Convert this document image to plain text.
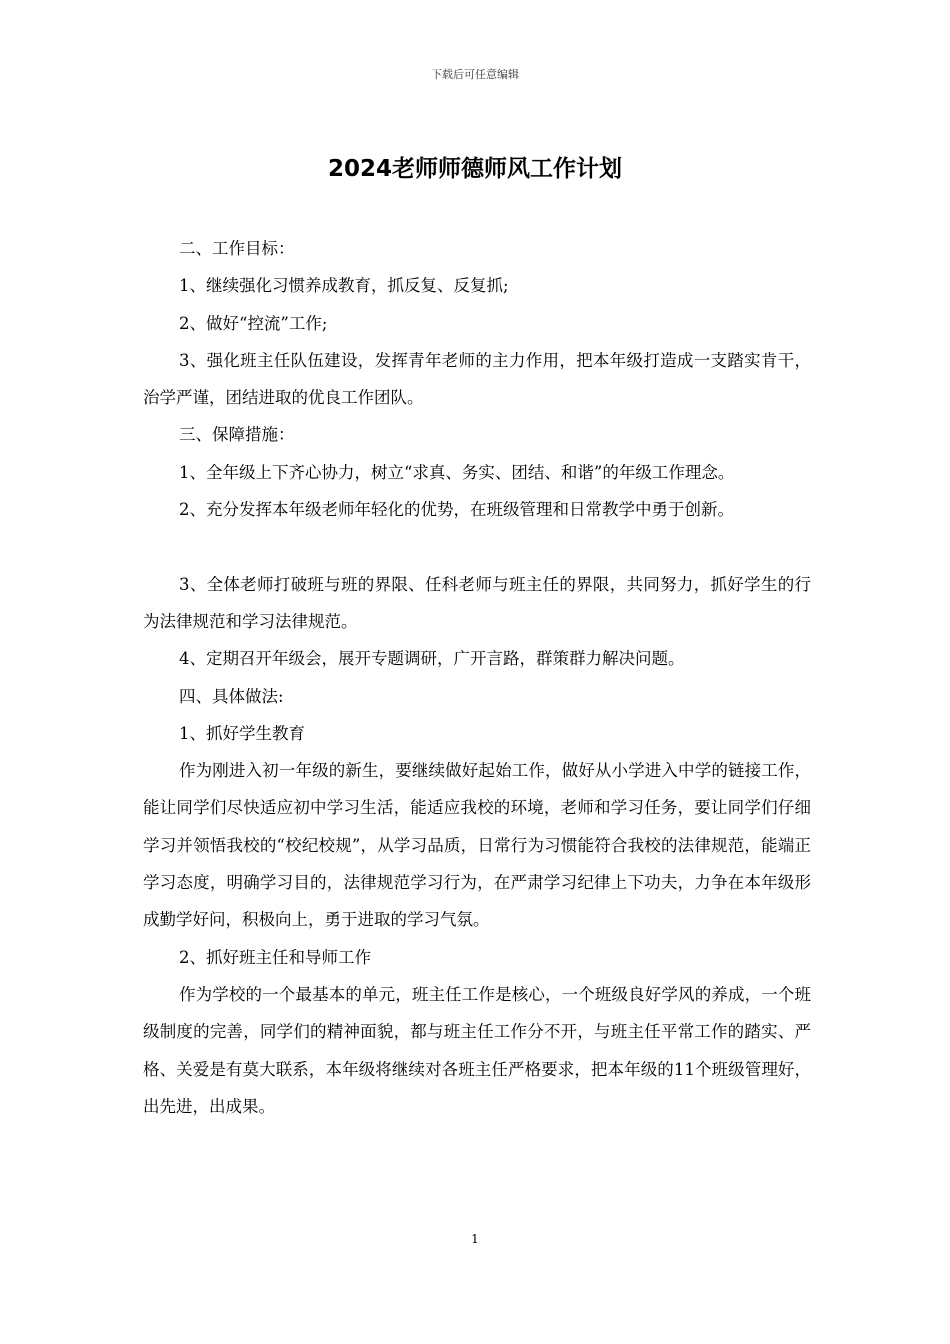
下载后可任意编辑
2024老师师德师风工作计划

二、工作目标：

1、继续强化习惯养成教育，抓反复、反复抓;

2、做好“控流”工作;

3、强化班主任队伍建设，发挥青年老师的主力作用，把本年级打造成一支踏实肯干，治学严谨，团结进取的优良工作团队。

三、保障措施：

1、全年级上下齐心协力，树立“求真、务实、团结、和谐”的年级工作理念。

2、充分发挥本年级老师年轻化的优势，在班级管理和日常教学中勇于创新。

3、全体老师打破班与班的界限、任科老师与班主任的界限，共同努力，抓好学生的行为法律规范和学习法律规范。

4、定期召开年级会，展开专题调研，广开言路，群策群力解决问题。

四、具体做法:

1、抓好学生教育

作为刚进入初一年级的新生，要继续做好起始工作，做好从小学进入中学的链接工作，能让同学们尽快适应初中学习生活，能适应我校的环境，老师和学习任务，要让同学们仔细学习并领悟我校的“校纪校规”，从学习品质，日常行为习惯能符合我校的法律规范，能端正学习态度，明确学习目的，法律规范学习行为，在严肃学习纪律上下功夫，力争在本年级形成勤学好问，积极向上，勇于进取的学习气氛。

2、抓好班主任和导师工作

作为学校的一个最基本的单元，班主任工作是核心，一个班级良好学风的养成，一个班级制度的完善，同学们的精神面貌，都与班主任工作分不开，与班主任平常工作的踏实、严格、关爱是有莫大联系，本年级将继续对各班主任严格要求，把本年级的11个班级管理好，出先进，出成果。

1
